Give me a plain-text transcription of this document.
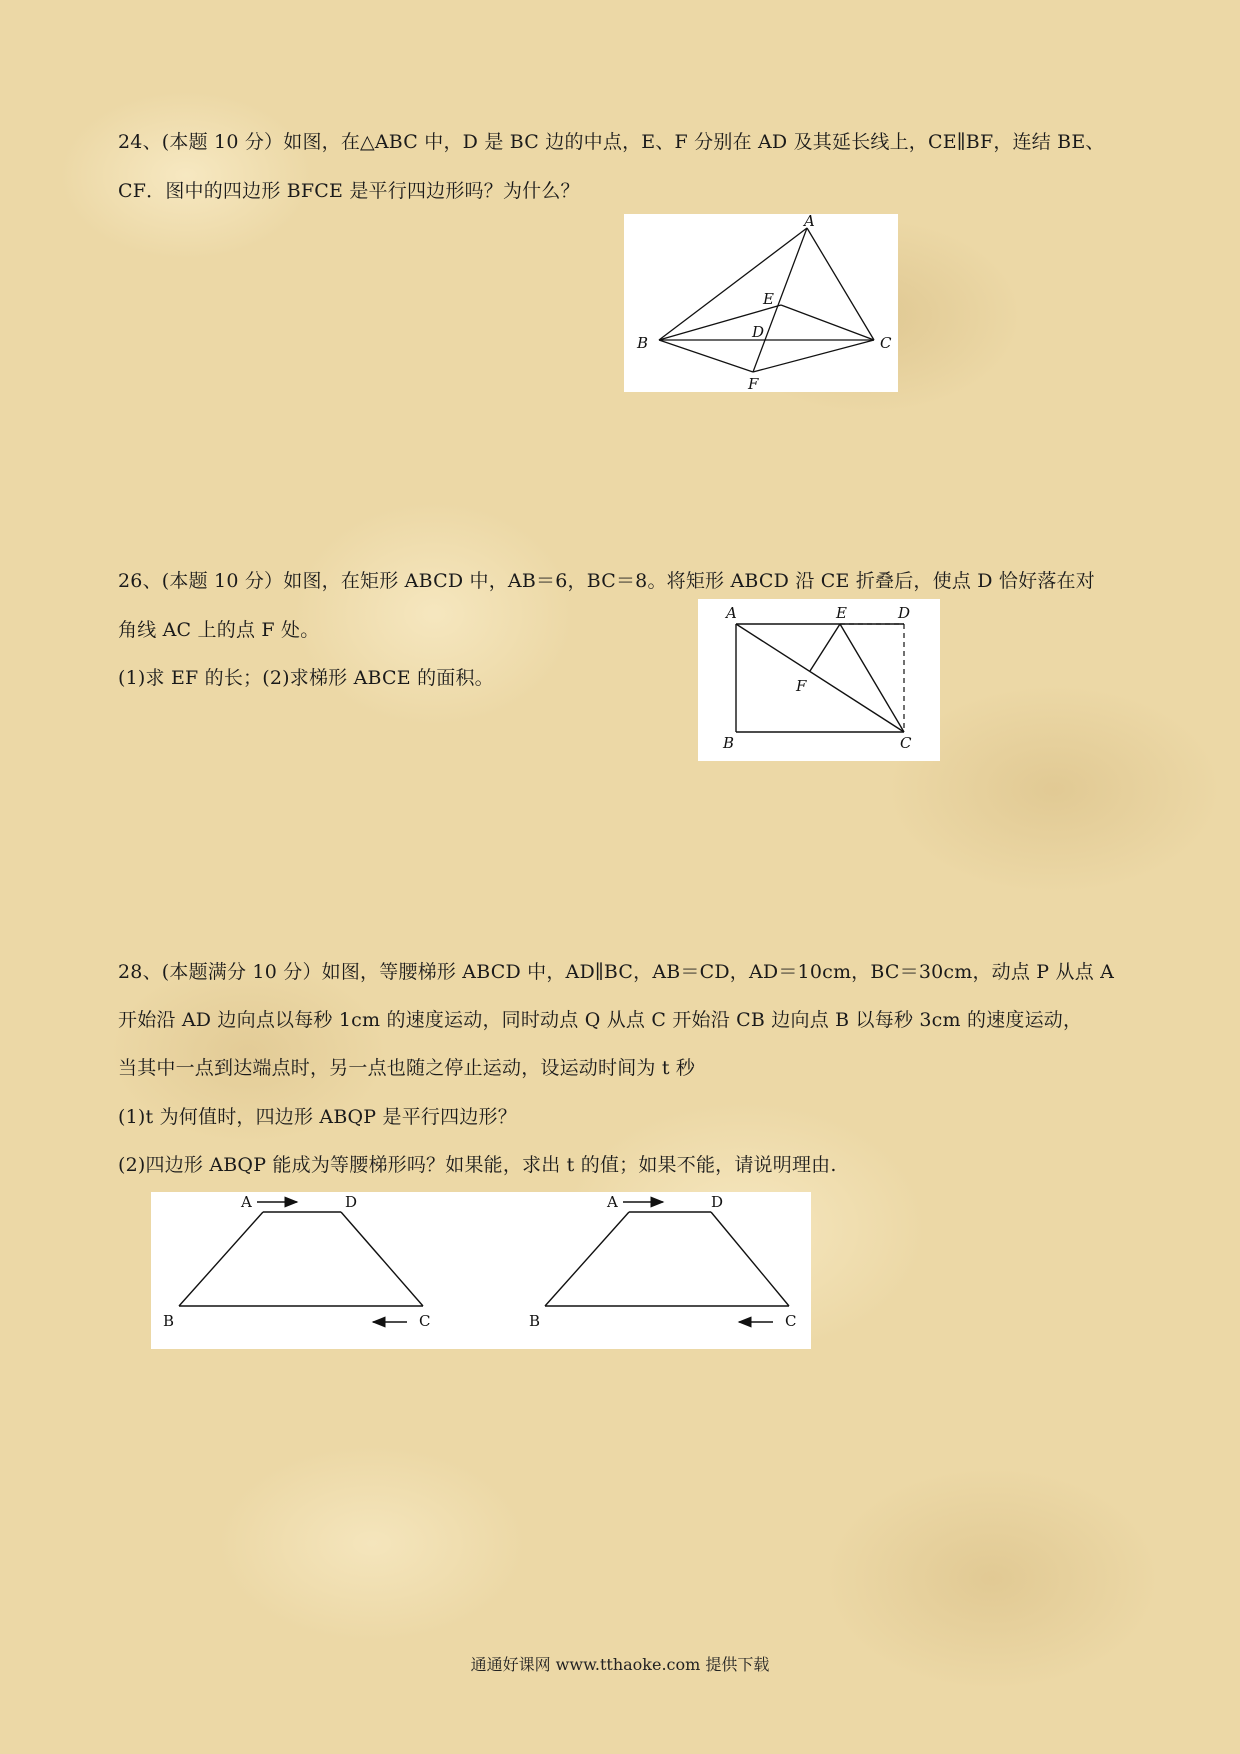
24、(本题 10 分）如图，在△ABC 中，D 是 BC 边的中点，E、F 分别在 AD 及其延长线上，CE∥BF，连结 BE、
CF．图中的四边形 BFCE 是平行四边形吗？为什么？
A
B	C
D
E
F
26、(本题 10 分）如图，在矩形 ABCD 中，AB＝6，BC＝8。将矩形 ABCD 沿 CE 折叠后，使点 D 恰好落在对
角线 AC 上的点 F 处。
(1)求 EF 的长；(2)求梯形 ABCE 的面积。
A	E	D
F
B	C
28、(本题满分 10 分）如图，等腰梯形 ABCD 中，AD∥BC，AB＝CD，AD＝10cm，BC＝30cm，动点 P 从点 A
开始沿 AD 边向点以每秒 1cm 的速度运动，同时动点 Q 从点 C 开始沿 CB 边向点 B 以每秒 3cm 的速度运动，
当其中一点到达端点时，另一点也随之停止运动，设运动时间为 t 秒
(1)t 为何值时，四边形 ABQP 是平行四边形？
(2)四边形 ABQP 能成为等腰梯形吗？如果能，求出 t 的值；如果不能，请说明理由.
A	D
B	C
A	D
B	C
通通好课网 www.tthaoke.com 提供下载
